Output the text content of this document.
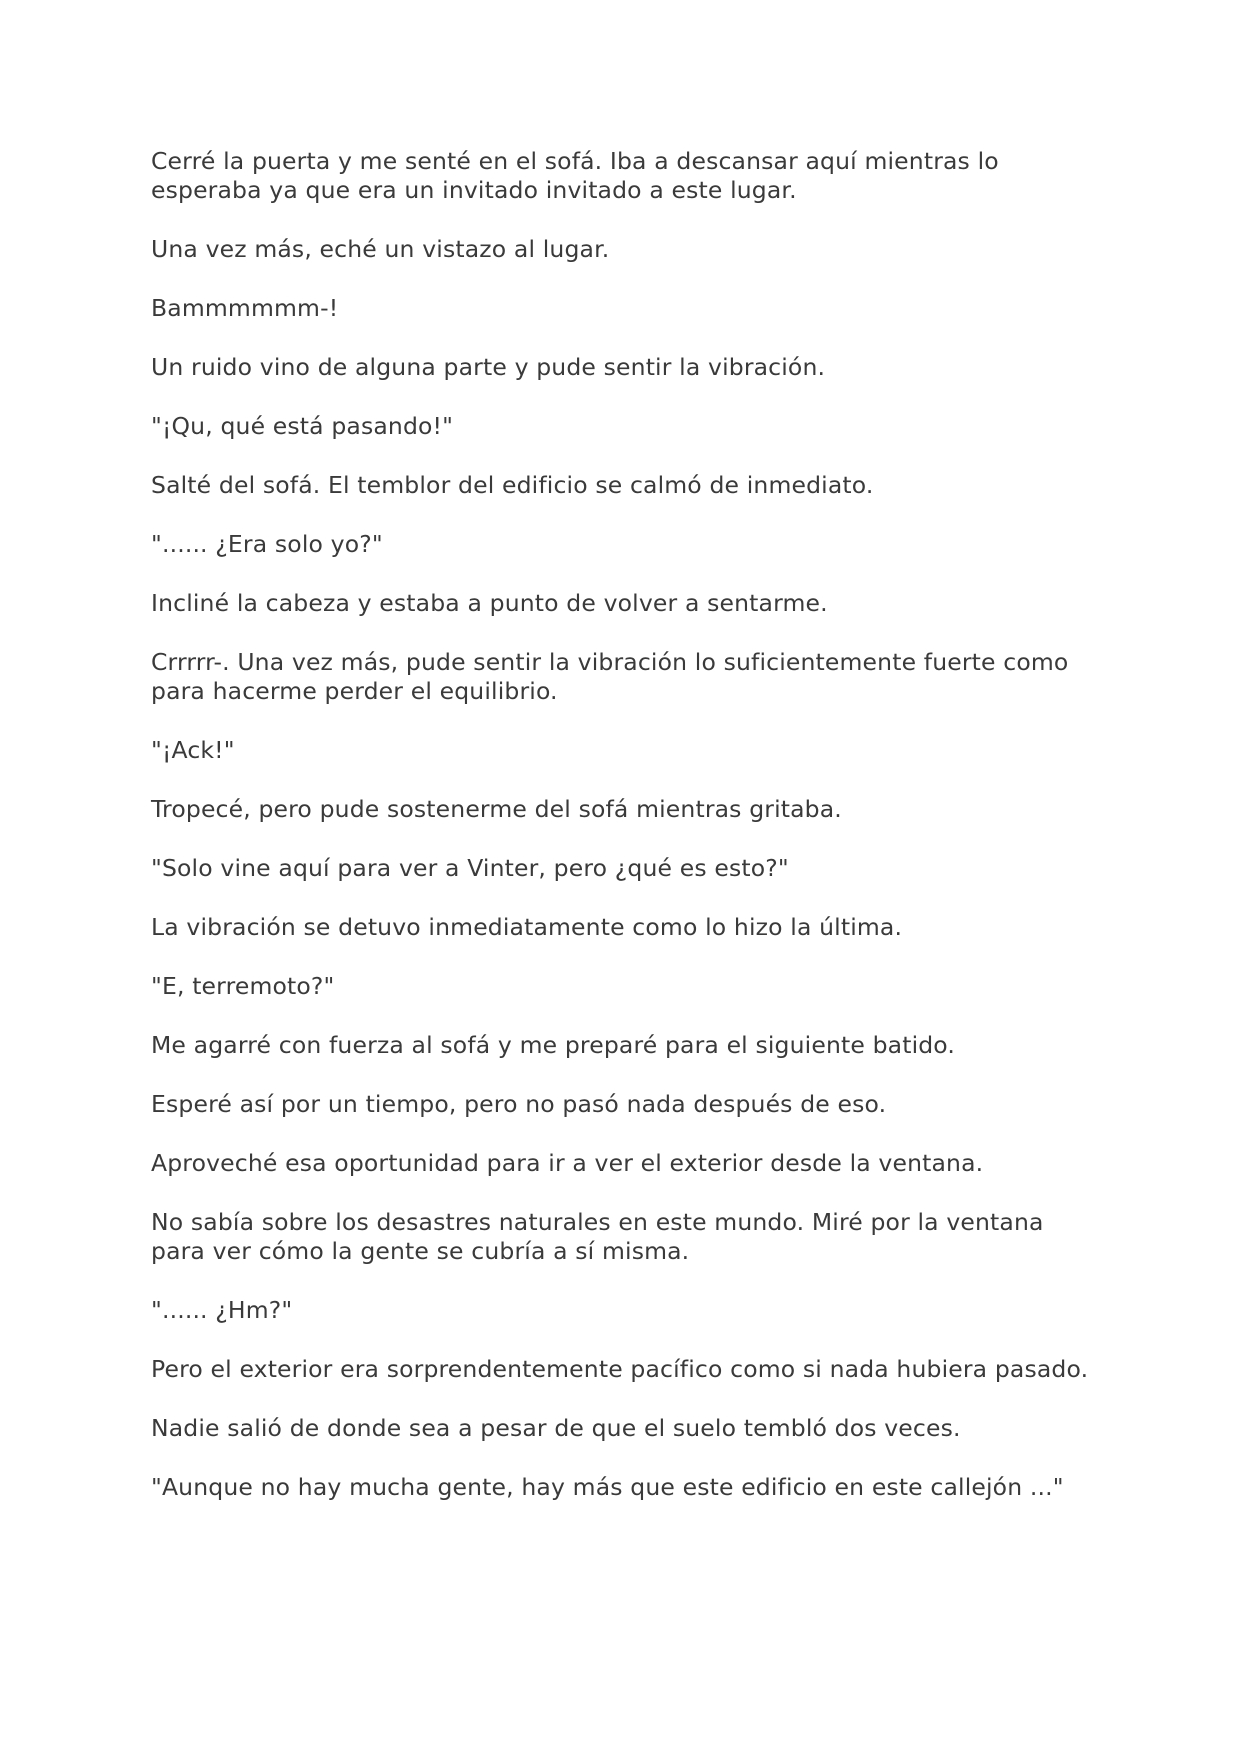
Cerré la puerta y me senté en el sofá. Iba a descansar aquí mientras lo esperaba ya que era un invitado invitado a este lugar.

Una vez más, eché un vistazo al lugar.

Bammmmmm-!

Un ruido vino de alguna parte y pude sentir la vibración.

"¡Qu, qué está pasando!"

Salté del sofá. El temblor del edificio se calmó de inmediato.

"...... ¿Era solo yo?"

Incliné la cabeza y estaba a punto de volver a sentarme.

Crrrrr-. Una vez más, pude sentir la vibración lo suficientemente fuerte como para hacerme perder el equilibrio.

"¡Ack!"

Tropecé, pero pude sostenerme del sofá mientras gritaba.

"Solo vine aquí para ver a Vinter, pero ¿qué es esto?"

La vibración se detuvo inmediatamente como lo hizo la última.

"E, terremoto?"

Me agarré con fuerza al sofá y me preparé para el siguiente batido.

Esperé así por un tiempo, pero no pasó nada después de eso.

Aproveché esa oportunidad para ir a ver el exterior desde la ventana.

No sabía sobre los desastres naturales en este mundo. Miré por la ventana para ver cómo la gente se cubría a sí misma.

"...... ¿Hm?"

Pero el exterior era sorprendentemente pacífico como si nada hubiera pasado.

Nadie salió de donde sea a pesar de que el suelo tembló dos veces.

"Aunque no hay mucha gente, hay más que este edificio en este callejón ..."
